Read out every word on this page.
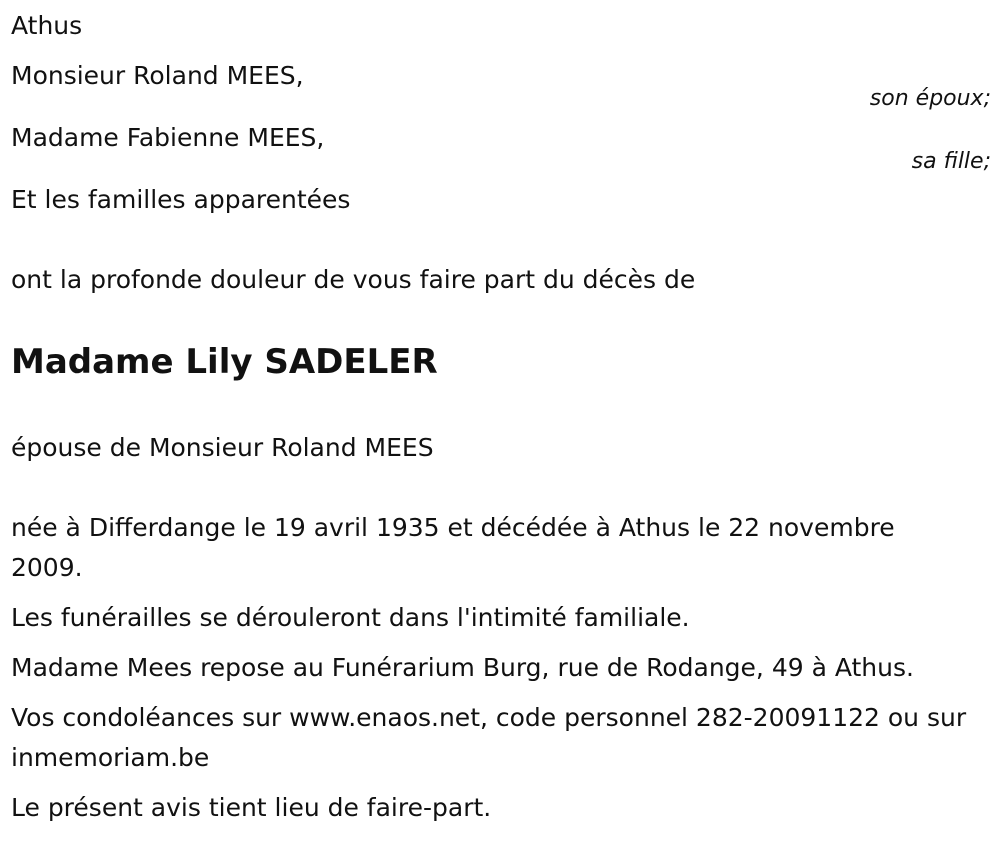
Athus
Monsieur Roland MEES,
son époux;
Madame Fabienne MEES,
sa fille;
Et les familles apparentées
ont la profonde douleur de vous faire part du décès de
Madame Lily SADELER
épouse de Monsieur Roland MEES
née à Differdange le 19 avril 1935 et décédée à Athus le 22 novembre 2009.
Les funérailles se dérouleront dans l'intimité familiale.
Madame Mees repose au Funérarium Burg, rue de Rodange, 49 à Athus.
Vos condoléances sur www.enaos.net, code personnel 282-20091122 ou sur inmemoriam.be
Le présent avis tient lieu de faire-part.
